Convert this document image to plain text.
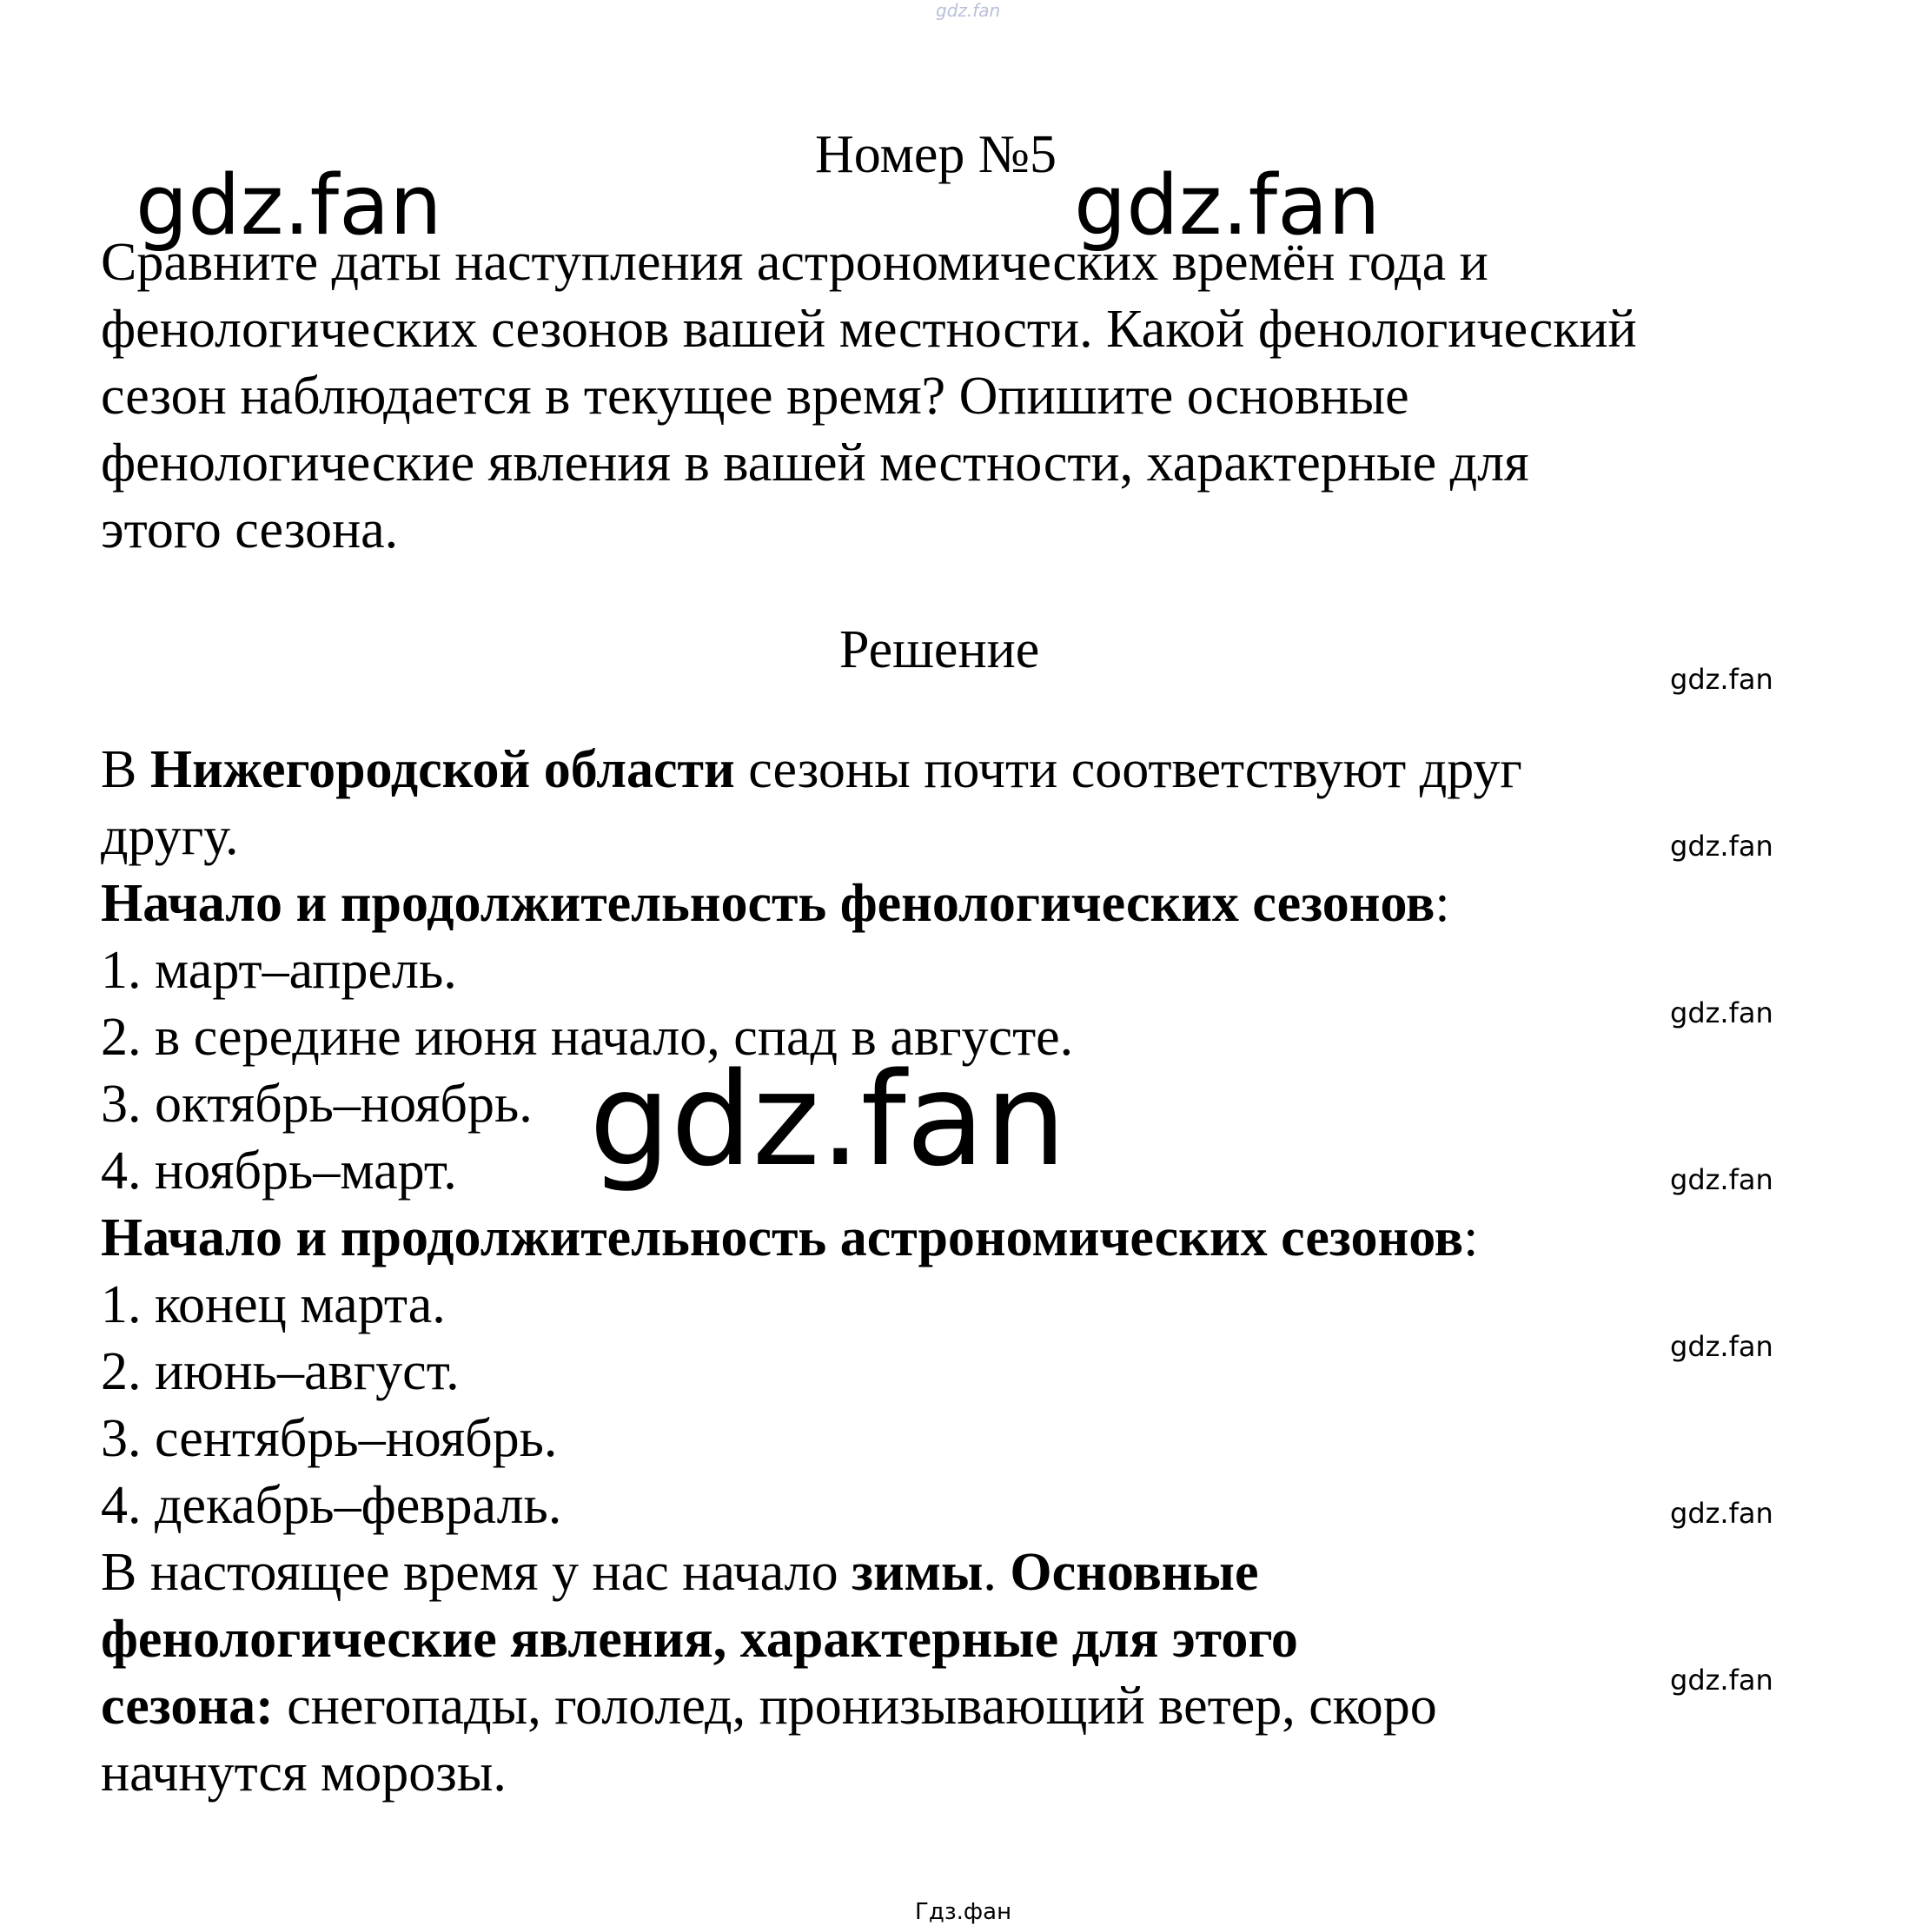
gdz.fan
Номер №5
gdz.fan	gdz.fan
Сравните даты наступления астрономических времён года и
фенологических сезонов вашей местности. Какой фенологический
сезон наблюдается в текущее время? Опишите основные
фенологические явления в вашей местности, характерные для
этого сезона.
Решение
В Нижегородской области сезоны почти соответствуют друг
другу.
Начало и продолжительность фенологических сезонов:
1. март–апрель.
2. в середине июня начало, спад в августе.
3. октябрь–ноябрь.
4. ноябрь–март.
Начало и продолжительность астрономических сезонов:
1. конец марта.
2. июнь–август.
3. сентябрь–ноябрь.
4. декабрь–февраль.
В настоящее время у нас начало зимы. Основные
фенологические явления, характерные для этого
сезона: снегопады, гололед, пронизывающий ветер, скоро
начнутся морозы.
gdz.fan
gdz.fan
gdz.fan
gdz.fan
gdz.fan
gdz.fan
gdz.fan
gdz.fan
Гдз.фан
